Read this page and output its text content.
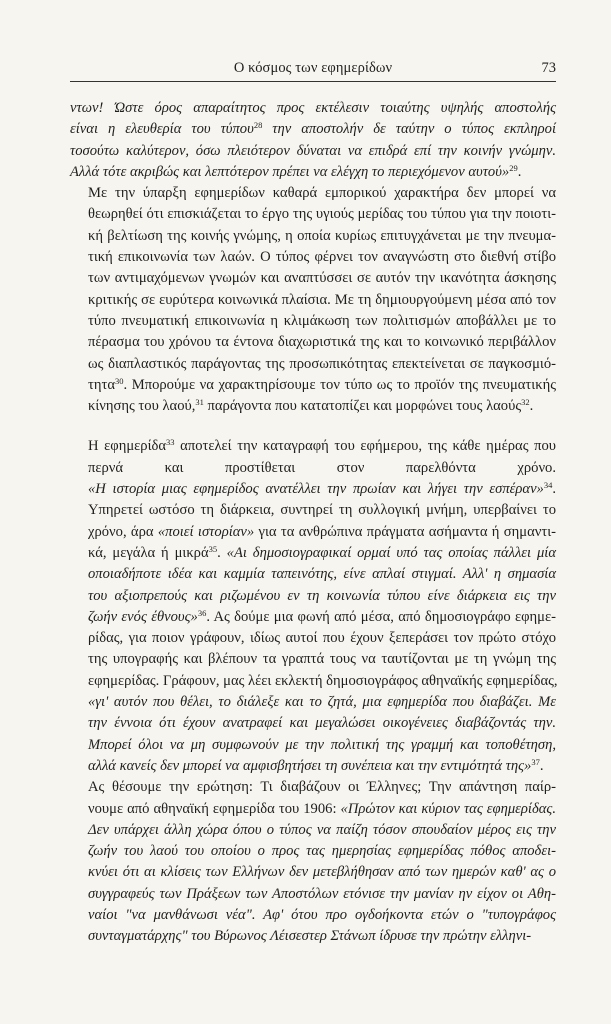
Ο κόσμος των εφημερίδων	73

ντων! Ώστε όρος απαραίτητος προς εκτέλεσιν τοιαύτης υψηλής αποστολής
είναι η ελευθερία του τύπου$^{28}$ την αποστολήν δε ταύτην ο τύπος εκπληροί
τοσούτω καλύτερον, όσω πλειότερον δύναται να επιδρά επί την κοινήν γνώμην.
Αλλά τότε ακριβώς και λεπτότερον πρέπει να ελέγχη το περιεχόμενον αυτού»$^{29}$.

Με την ύπαρξη εφημερίδων καθαρά εμπορικού χαρακτήρα δεν μπορεί να
θεωρηθεί ότι επισκιάζεται το έργο της υγιούς μερίδας του τύπου για την ποιοτι-
κή βελτίωση της κοινής γνώμης, η οποία κυρίως επιτυγχάνεται με την πνευμα-
τική επικοινωνία των λαών. Ο τύπος φέρνει τον αναγνώστη στο διεθνή στίβο
των αντιμαχόμενων γνωμών και αναπτύσσει σε αυτόν την ικανότητα άσκησης
κριτικής σε ευρύτερα κοινωνικά πλαίσια. Με τη δημιουργούμενη μέσα από τον
τύπο πνευματική επικοινωνία η κλιμάκωση των πολιτισμών αποβάλλει με το
πέρασμα του χρόνου τα έντονα διαχωριστικά της και το κοινωνικό περιβάλλον
ως διαπλαστικός παράγοντας της προσωπικότητας επεκτείνεται σε παγκοσμιό-
τητα$^{30}$. Μπορούμε να χαρακτηρίσουμε τον τύπο ως το προϊόν της πνευματικής
κίνησης του λαού,$^{31}$ παράγοντα που κατατοπίζει και μορφώνει τους λαούς$^{32}$.

Η εφημερίδα$^{33}$ αποτελεί την καταγραφή του εφήμερου, της κάθε ημέρας που
περνά και προστίθεται στον παρελθόντα χρόνο.
«Η ιστορία μιας εφημερίδος ανατέλλει την πρωίαν και λήγει την εσπέραν»$^{34}$.
Υπηρετεί ωστόσο τη διάρκεια, συντηρεί τη συλλογική μνήμη, υπερβαίνει το
χρόνο, άρα «ποιεί ιστορίαν» για τα ανθρώπινα πράγματα ασήμαντα ή σημαντι-
κά, μεγάλα ή μικρά$^{35}$. «Αι δημοσιογραφικαί ορμαί υπό τας οποίας πάλλει μία
οποιαδήποτε ιδέα και καμμία ταπεινότης, είνε απλαί στιγμαί. Αλλ' η σημασία
του αξιοπρεπούς και ριζωμένου εν τη κοινωνία τύπου είνε διάρκεια εις την
ζωήν ενός έθνους»$^{36}$. Ας δούμε μια φωνή από μέσα, από δημοσιογράφο εφημε-
ρίδας, για ποιον γράφουν, ιδίως αυτοί που έχουν ξεπεράσει τον πρώτο στόχο
της υπογραφής και βλέπουν τα γραπτά τους να ταυτίζονται με τη γνώμη της
εφημερίδας. Γράφουν, μας λέει εκλεκτή δημοσιογράφος αθηναϊκής εφημερίδας,
«γι' αυτόν που θέλει, το διάλεξε και το ζητά, μια εφημερίδα που διαβάζει. Με
την έννοια ότι έχουν ανατραφεί και μεγαλώσει οικογένειες διαβάζοντάς την.
Μπορεί όλοι να μη συμφωνούν με την πολιτική της γραμμή και τοποθέτηση,
αλλά κανείς δεν μπορεί να αμφισβητήσει τη συνέπεια και την εντιμότητά της»$^{37}$.

Ας θέσουμε την ερώτηση: Τι διαβάζουν οι Έλληνες; Την απάντηση παίρ-
νουμε από αθηναϊκή εφημερίδα του 1906: «Πρώτον και κύριον τας εφημερίδας.
Δεν υπάρχει άλλη χώρα όπου ο τύπος να παίζη τόσον σπουδαίον μέρος εις την
ζωήν του λαού του οποίου ο προς τας ημερησίας εφημερίδας πόθος αποδει-
κνύει ότι αι κλίσεις των Ελλήνων δεν μετεβλήθησαν από των ημερών καθ' ας ο
συγγραφεύς των Πράξεων των Αποστόλων ετόνισε την μανίαν ην είχον οι Αθη-
ναίοι "να μανθάνωσι νέα". Αφ' ότου προ ογδοήκοντα ετών ο "τυπογράφος
συνταγματάρχης" του Βύρωνος Λέισεστερ Στάνωπ ίδρυσε την πρώτην ελληνι-
